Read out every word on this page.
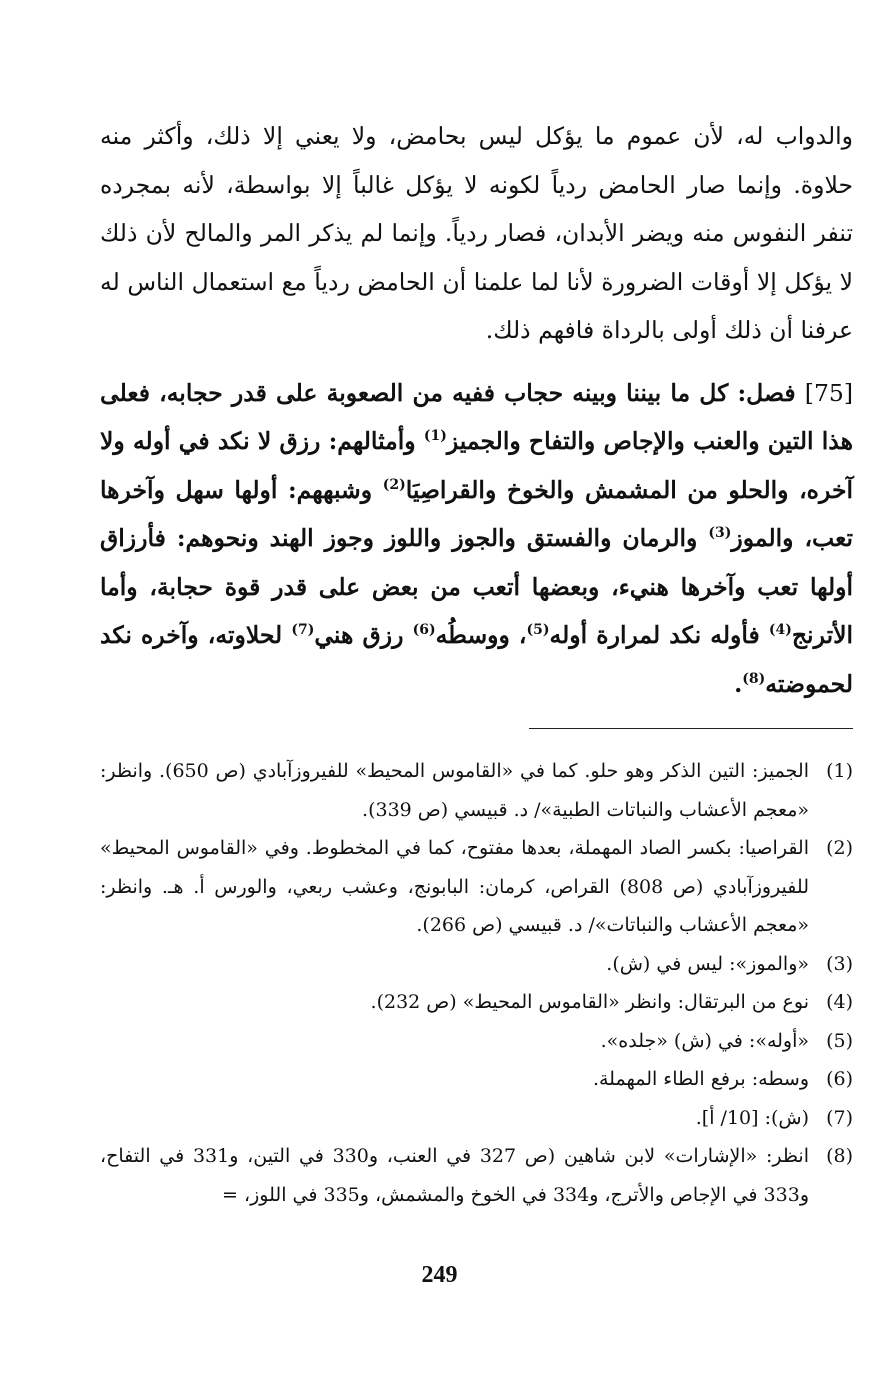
والدواب له، لأن عموم ما يؤكل ليس بحامض، ولا يعني إلا ذلك، وأكثر منه حلاوة. وإنما صار الحامض ردياً لكونه لا يؤكل غالباً إلا بواسطة، لأنه بمجرده تنفر النفوس منه ويضر الأبدان، فصار ردياً. وإنما لم يذكر المر والمالح لأن ذلك لا يؤكل إلا أوقات الضرورة لأنا لما علمنا أن الحامض ردياً مع استعمال الناس له عرفنا أن ذلك أولى بالرداة فافهم ذلك.

[75] فصل: كل ما بيننا وبينه حجاب ففيه من الصعوبة على قدر حجابه، فعلى هذا التين والعنب والإجاص والتفاح والجميز$^{(1)}$ وأمثالهم: رزق لا نكد في أوله ولا آخره، والحلو من المشمش والخوخ والقراصِيَا$^{(2)}$ وشبههم: أولها سهل وآخرها تعب، والموز$^{(3)}$ والرمان والفستق والجوز واللوز وجوز الهند ونحوهم: فأرزاق أولها تعب وآخرها هنيء، وبعضها أتعب من بعض على قدر قوة حجابة، وأما الأترنج$^{(4)}$ فأوله نكد لمرارة أوله$^{(5)}$، ووسطُه$^{(6)}$ رزق هني$^{(7)}$ لحلاوته، وآخره نكد لحموضته$^{(8)}$.

(1)
الجميز: التين الذكر وهو حلو. كما في «القاموس المحيط» للفيروزآبادي (ص 650). وانظر: «معجم الأعشاب والنباتات الطبية»/ د. قبيسي (ص 339).
(2)
القراصيا: بكسر الصاد المهملة، بعدها مفتوح، كما في المخطوط. وفي «القاموس المحيط» للفيروزآبادي (ص 808) القراص، كرمان: البابونج، وعشب ربعي، والورس أ. هـ. وانظر: «معجم الأعشاب والنباتات»/ د. قبيسي (ص 266).
(3)
«والموز»: ليس في (ش).
(4)
نوع من البرتقال: وانظر «القاموس المحيط» (ص 232).
(5)
«أوله»: في (ش) «جلده».
(6)
وسطه: برفع الطاء المهملة.
(7)
(ش): [10/ أ].
(8)
انظر: «الإشارات» لابن شاهين (ص 327 في العنب، و330 في التين، و331 في التفاح، و333 في الإجاص والأترج، و334 في الخوخ والمشمش، و335 في اللوز، =
249
